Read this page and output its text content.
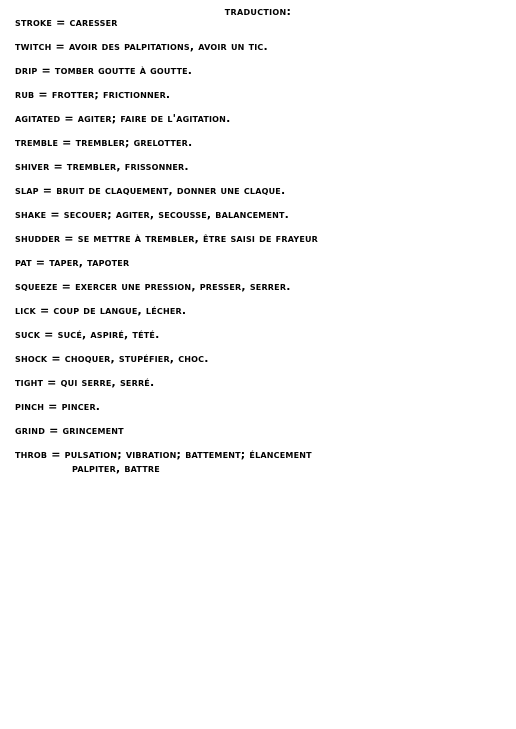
traduction:
stroke = caresser
twitch = avoir des palpitations, avoir un tic.
drip = tomber goutte à goutte.
rub = frotter; frictionner.
agitated = agiter; faire de l'agitation.
tremble = trembler; grelotter.
shiver = trembler, frissonner.
slap = bruit de claquement, donner une claque.
shake = secouer; agiter, secousse, balancement.
shudder = se mettre à trembler, être saisi de frayeur
pat = taper, tapoter
squeeze = exercer une pression, presser, serrer.
lick = coup de langue, lécher.
suck = sucé, aspiré, tété.
shock = choquer, stupéfier, choc.
tight = qui serre, serré.
pinch = pincer.
grind = grincement
throb = pulsation; vibration; battement; élancement
palpiter, battre
